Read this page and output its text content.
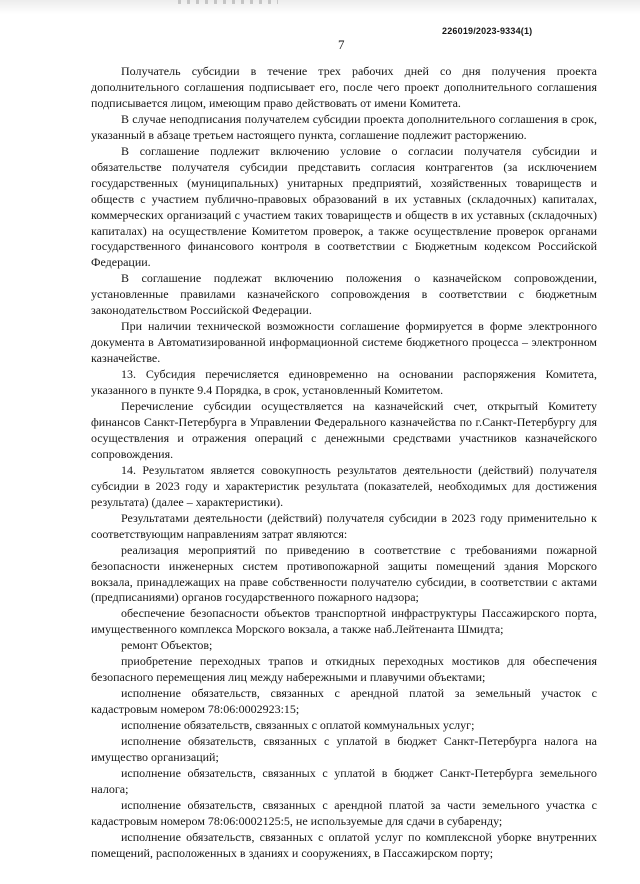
226019/2023-9334(1)
7

Получатель субсидии в течение трех рабочих дней со дня получения проекта дополнительного соглашения подписывает его, после чего проект дополнительного соглашения подписывается лицом, имеющим право действовать от имени Комитета.

В случае неподписания получателем субсидии проекта дополнительного соглашения в срок, указанный в абзаце третьем настоящего пункта, соглашение подлежит расторжению.

В соглашение подлежит включению условие о согласии получателя субсидии и обязательстве получателя субсидии представить согласия контрагентов (за исключением государственных (муниципальных) унитарных предприятий, хозяйственных товариществ и обществ с участием публично-правовых образований в их уставных (складочных) капиталах, коммерческих организаций с участием таких товариществ и обществ в их уставных (складочных) капиталах) на осуществление Комитетом проверок, а также осуществление проверок органами государственного финансового контроля в соответствии с Бюджетным кодексом Российской Федерации.

В соглашение подлежат включению положения о казначейском сопровождении, установленные правилами казначейского сопровождения в соответствии с бюджетным законодательством Российской Федерации.

При наличии технической возможности соглашение формируется в форме электронного документа в Автоматизированной информационной системе бюджетного процесса – электронном казначействе.

13. Субсидия перечисляется единовременно на основании распоряжения Комитета, указанного в пункте 9.4 Порядка, в срок, установленный Комитетом.

Перечисление субсидии осуществляется на казначейский счет, открытый Комитету финансов Санкт-Петербурга в Управлении Федерального казначейства по г.Санкт-Петербургу для осуществления и отражения операций с денежными средствами участников казначейского сопровождения.

14. Результатом является совокупность результатов деятельности (действий) получателя субсидии в 2023 году и характеристик результата (показателей, необходимых для достижения результата) (далее – характеристики).

Результатами деятельности (действий) получателя субсидии в 2023 году применительно к соответствующим направлениям затрат являются:

реализация мероприятий по приведению в соответствие с требованиями пожарной безопасности инженерных систем противопожарной защиты помещений здания Морского вокзала, принадлежащих на праве собственности получателю субсидии, в соответствии с актами (предписаниями) органов государственного пожарного надзора;

обеспечение безопасности объектов транспортной инфраструктуры Пассажирского порта, имущественного комплекса Морского вокзала, а также наб.Лейтенанта Шмидта;

ремонт Объектов;

приобретение переходных трапов и откидных переходных мостиков для обеспечения безопасного перемещения лиц между набережными и плавучими объектами;

исполнение обязательств, связанных с арендной платой за земельный участок с кадастровым номером 78:06:0002923:15;

исполнение обязательств, связанных с оплатой коммунальных услуг;

исполнение обязательств, связанных с уплатой в бюджет Санкт-Петербурга налога на имущество организаций;

исполнение обязательств, связанных с уплатой в бюджет Санкт-Петербурга земельного налога;

исполнение обязательств, связанных с арендной платой за части земельного участка с кадастровым номером 78:06:0002125:5, не используемые для сдачи в субаренду;

исполнение обязательств, связанных с оплатой услуг по комплексной уборке внутренних помещений, расположенных в зданиях и сооружениях, в Пассажирском порту;
